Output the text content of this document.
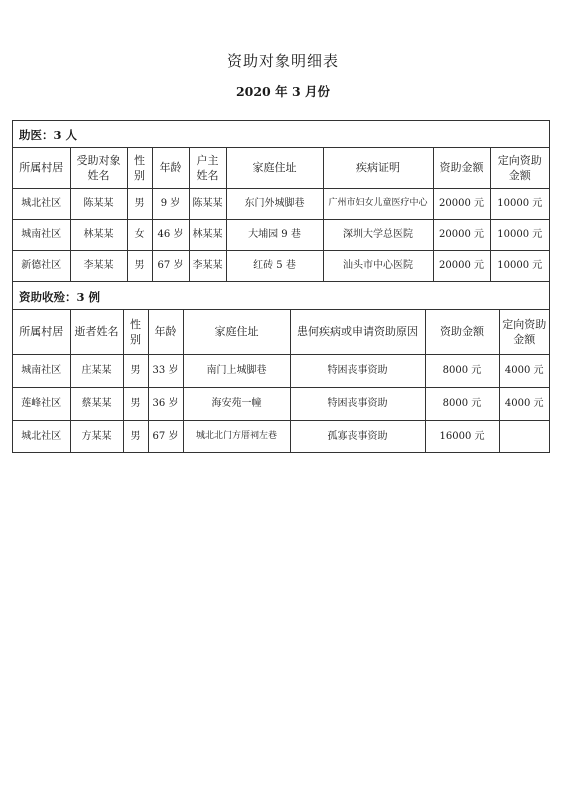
资助对象明细表
2020 年 3 月份
助医：3 人
所属村居	受助对象姓名	性别	年龄	户主姓名	家庭住址	疾病证明	资助金额	定向资助金额
城北社区	陈某某	男	9 岁	陈某某	东门外城脚巷	广州市妇女儿童医疗中心	20000 元	10000 元
城南社区	林某某	女	46 岁	林某某	大埔园 9 巷	深圳大学总医院	20000 元	10000 元
新德社区	李某某	男	67 岁	李某某	红砖 5 巷	汕头市中心医院	20000 元	10000 元
资助收殓：3 例
所属村居	逝者姓名	性别	年龄	家庭住址	患何疾病或申请资助原因	资助金额	定向资助金额
城南社区	庄某某	男	33 岁	南门上城脚巷	特困丧事资助	8000 元	4000 元
莲峰社区	蔡某某	男	36 岁	海安苑一幢	特困丧事资助	8000 元	4000 元
城北社区	方某某	男	67 岁	城北北门方厝祠左巷	孤寡丧事资助	16000 元	
